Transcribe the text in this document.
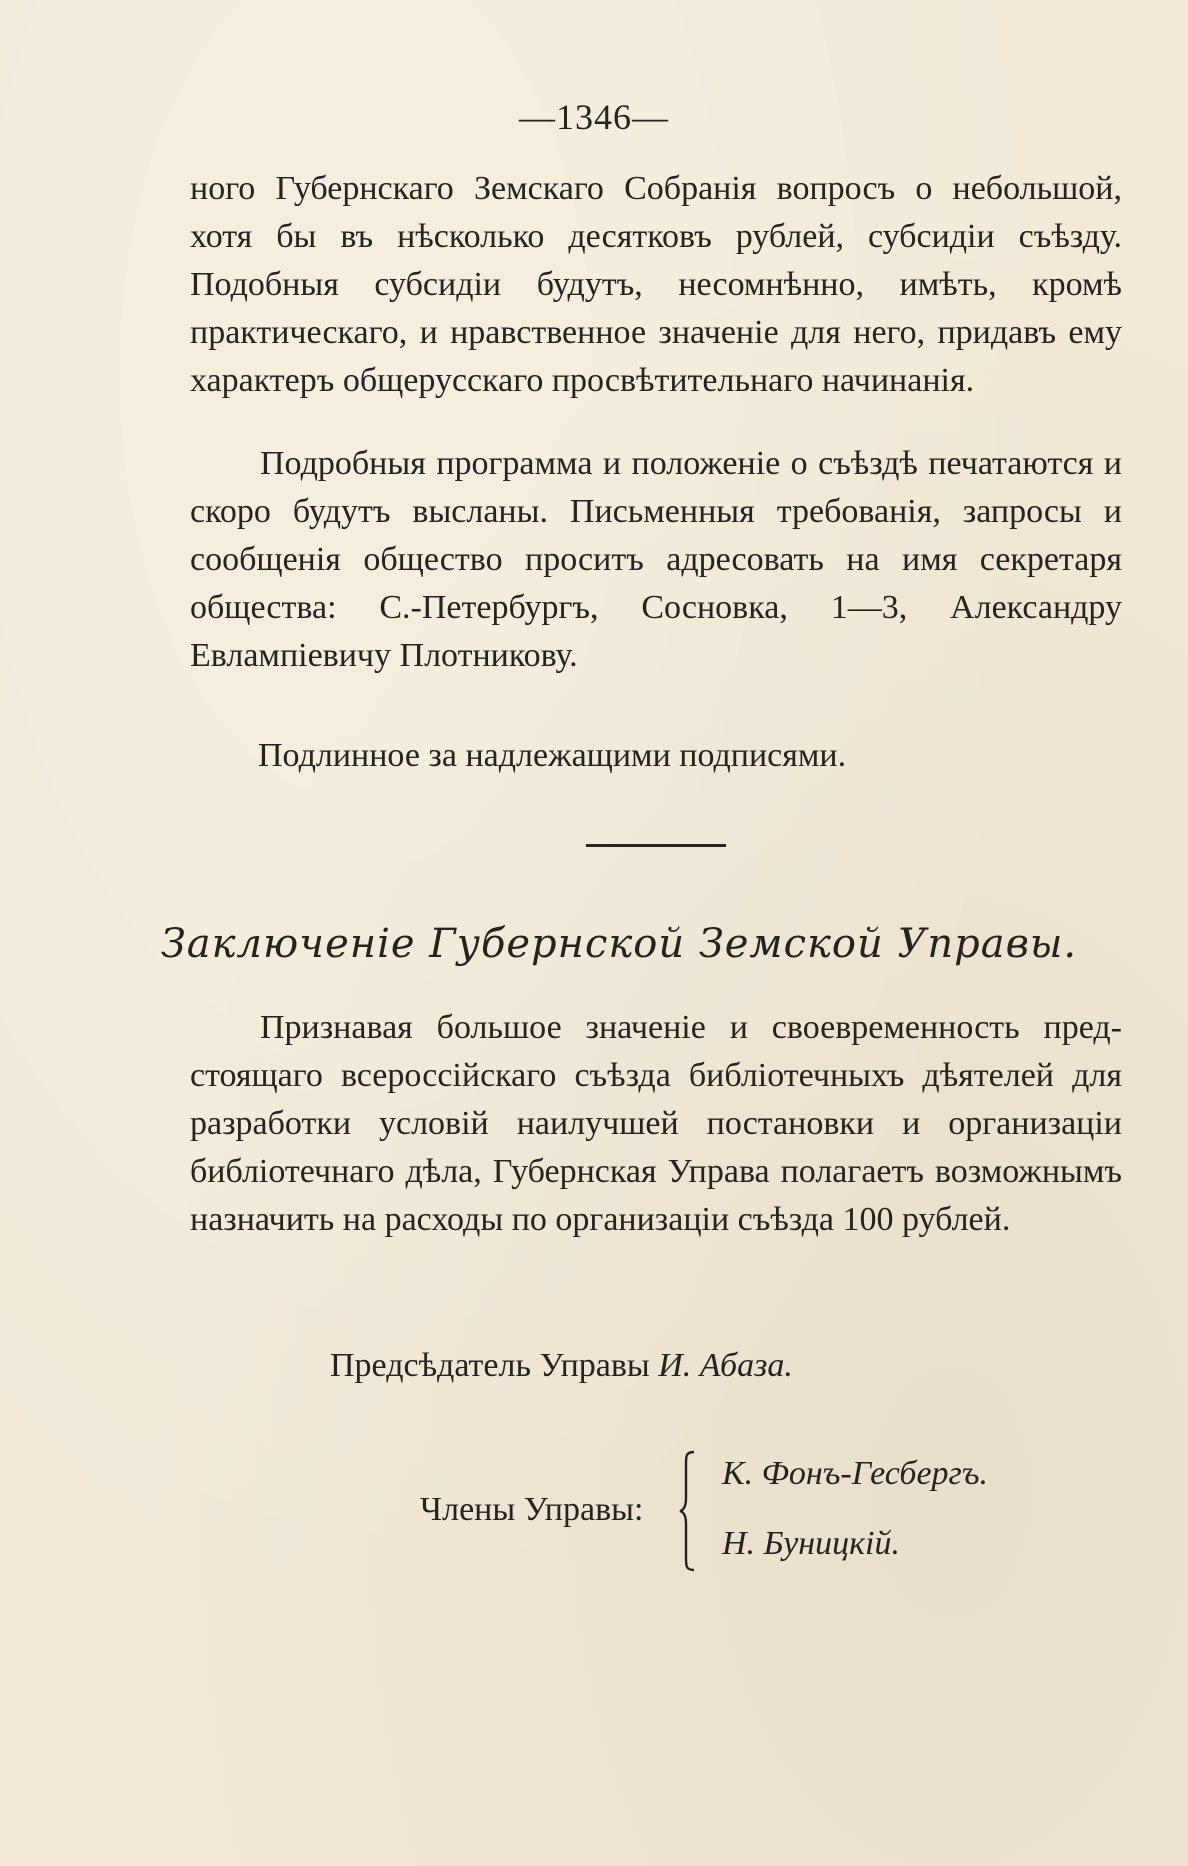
—1346—

ного Губернскаго Земскаго Собранія вопросъ о небольшой, хотя бы въ нѣсколько десятковъ рублей, субсидіи съѣзду. Подобныя субсидіи будутъ, несомнѣнно, имѣть, кромѣ практическаго, и нравственное значеніе для него, придавъ ему характеръ общерусскаго просвѣтительнаго начинанія.

Подробныя программа и положеніе о съѣздѣ печатаются и скоро будутъ высланы. Письменныя требованія, запросы и сообщенія общество проситъ адресовать на имя секретаря общества: С.-Петербургъ, Сосновка, 1—3, Александру Евлампіевичу Плотникову.

Подлинное за надлежащими подписями.
Заключеніе Губернской Земской Управы.

Признавая большое значеніе и своевременность предстоящаго всероссійскаго съѣзда библіотечныхъ дѣятелей для разработки условій наилучшей постановки и организаціи библіотечнаго дѣла, Губернская Управа полагаетъ возможнымъ назначить на расходы по организаціи съѣзда 100 рублей.

Предсѣдатель Управы И. Абаза.
Члены Управы:
К. Фонъ-Гесбергъ.
Н. Буницкій.
